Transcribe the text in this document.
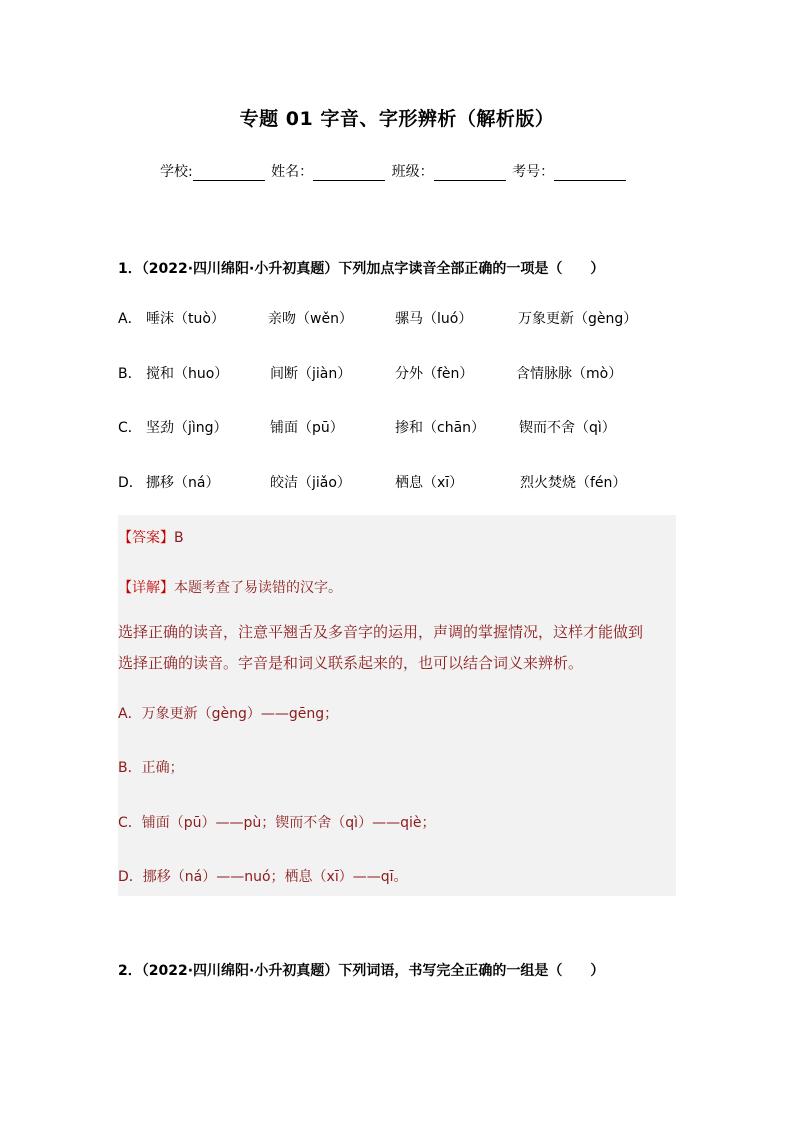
专题 01 字音、字形辨析（解析版）
学校:	姓名：	班级：	考号：
1．（2022·四川绵阳·小升初真题）下列加点字读音全部正确的一项是（　　）
A． 唾沫（tuò）	亲吻（wěn）	骡马（luó）	万象更新（gèng）
B． 搅和（huo）	间断（jiàn）	分外（fèn）	含情脉脉（mò）
C． 坚劲（jìng）	铺面（pū）	掺和（chān） 锲而不舍（qì）
D． 挪移（ná）	皎洁（jiǎo）	栖息（xī）	烈火焚烧（fén）
【答案】B
【详解】本题考查了易读错的汉字。
选择正确的读音，注意平翘舌及多音字的运用，声调的掌握情况，这样才能做到
选择正确的读音。字音是和词义联系起来的，也可以结合词义来辨析。
A．万象更新（gèng）——gēng；
B．正确；
C．铺面（pū）——pù；锲而不舍（qì）——qiè；
D．挪移（ná）——nuó；栖息（xī）——qī。
2．（2022·四川绵阳·小升初真题）下列词语，书写完全正确的一组是（　　）
